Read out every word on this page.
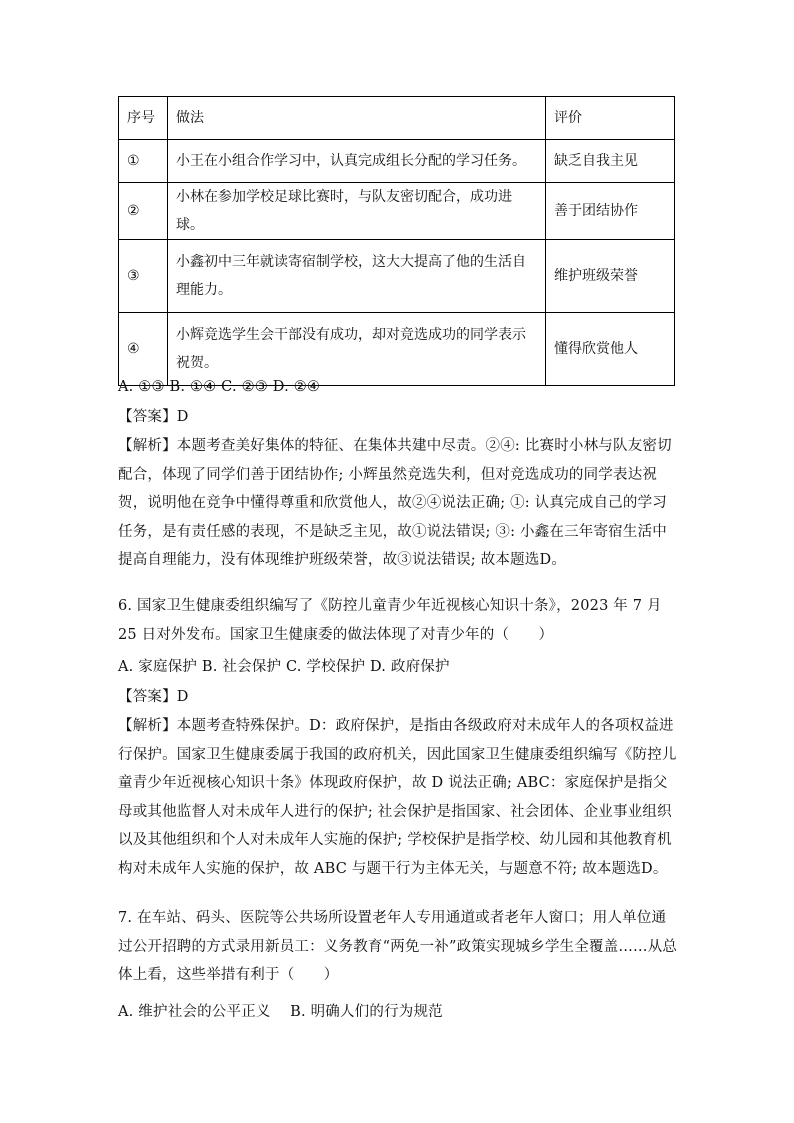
序号	做法	评价
①	小王在小组合作学习中，认真完成组长分配的学习任务。	缺乏自我主见
②	小林在参加学校足球比赛时，与队友密切配合，成功进球。	善于团结协作
③	小鑫初中三年就读寄宿制学校，这大大提高了他的生活自理能力。	维护班级荣誉
④	小辉竞选学生会干部没有成功，却对竞选成功的同学表示祝贺。	懂得欣赏他人
A. ①③ B. ①④ C. ②③ D. ②④
【答案】D
【解析】本题考查美好集体的特征、在集体共建中尽责。②④: 比赛时小林与队友密切配合，体现了同学们善于团结协作; 小辉虽然竞选失利，但对竞选成功的同学表达祝贺，说明他在竞争中懂得尊重和欣赏他人，故②④说法正确; ①: 认真完成自己的学习任务，是有责任感的表现，不是缺乏主见，故①说法错误; ③: 小鑫在三年寄宿生活中提高自理能力，没有体现维护班级荣誉，故③说法错误; 故本题选D。
6. 国家卫生健康委组织编写了《防控儿童青少年近视核心知识十条》，2023 年 7 月 25 日对外发布。国家卫生健康委的做法体现了对青少年的（　　）
A. 家庭保护 B. 社会保护 C. 学校保护 D. 政府保护
【答案】D
【解析】本题考查特殊保护。D：政府保护，是指由各级政府对未成年人的各项权益进行保护。国家卫生健康委属于我国的政府机关，因此国家卫生健康委组织编写《防控儿童青少年近视核心知识十条》体现政府保护，故 D 说法正确; ABC：家庭保护是指父母或其他监督人对未成年人进行的保护; 社会保护是指国家、社会团体、企业事业组织以及其他组织和个人对未成年人实施的保护; 学校保护是指学校、幼儿园和其他教育机构对未成年人实施的保护，故 ABC 与题干行为主体无关，与题意不符; 故本题选D。
7. 在车站、码头、医院等公共场所设置老年人专用通道或者老年人窗口；用人单位通过公开招聘的方式录用新员工：义务教育“两免一补”政策实现城乡学生全覆盖……从总体上看，这些举措有利于（　　）
A. 维护社会的公平正义　 B. 明确人们的行为规范
